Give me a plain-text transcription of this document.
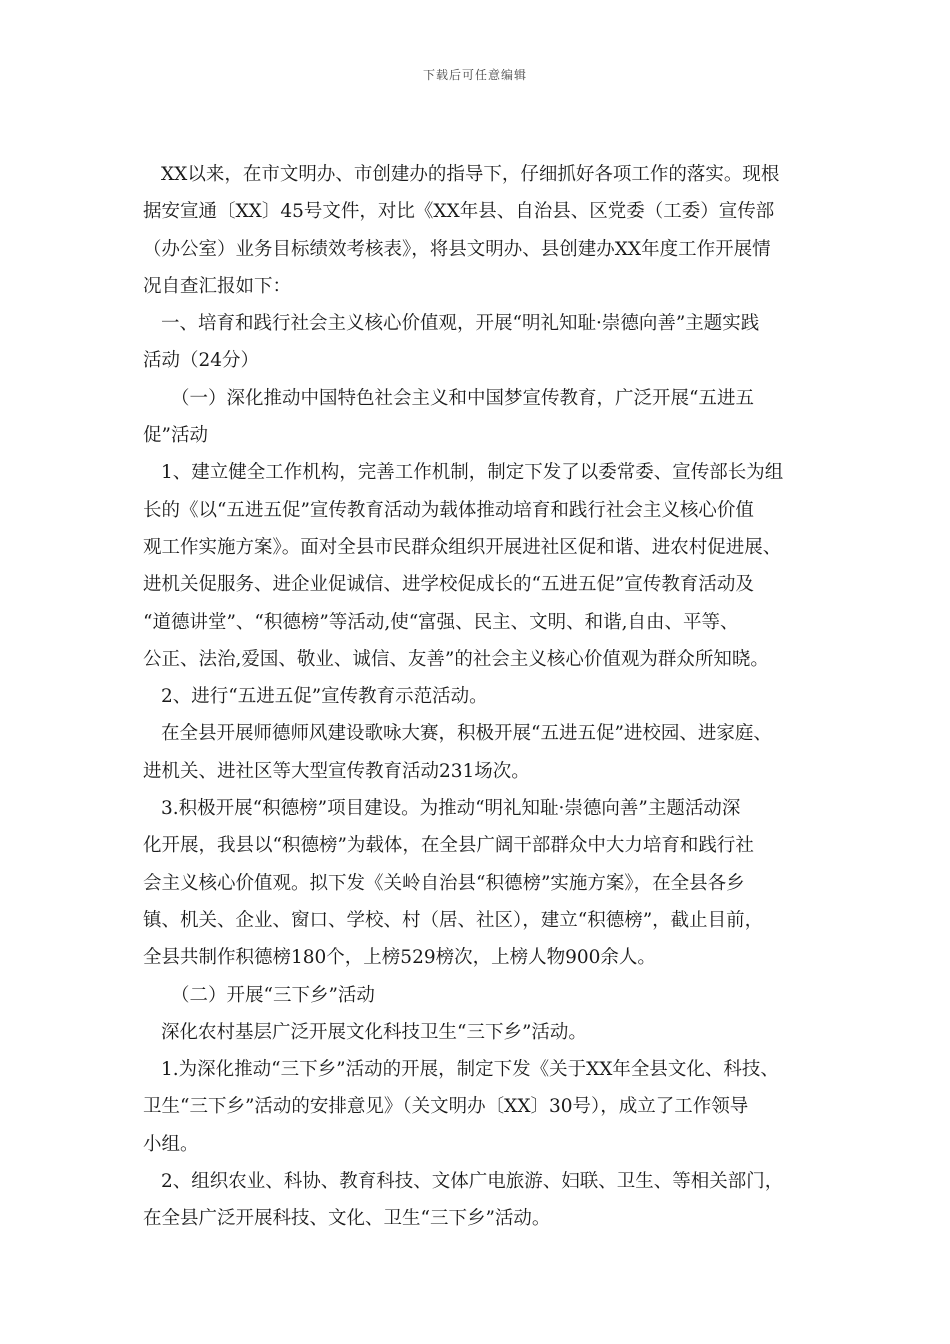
下载后可任意编辑
XX以来，在市文明办、市创建办的指导下，仔细抓好各项工作的落实。现根
据安宣通〔XX〕45号文件，对比《XX年县、自治县、区党委（工委）宣传部
（办公室）业务目标绩效考核表》，将县文明办、县创建办XX年度工作开展情
况自查汇报如下：
一、培育和践行社会主义核心价值观，开展“明礼知耻·崇德向善”主题实践
活动（24分）
（一）深化推动中国特色社会主义和中国梦宣传教育，广泛开展“五进五
促”活动
1、建立健全工作机构，完善工作机制，制定下发了以委常委、宣传部长为组
长的《以“五进五促”宣传教育活动为载体推动培育和践行社会主义核心价值
观工作实施方案》。面对全县市民群众组织开展进社区促和谐、进农村促进展、
进机关促服务、进企业促诚信、进学校促成长的“五进五促”宣传教育活动及
“道德讲堂”、“积德榜”等活动,使“富强、民主、文明、和谐,自由、平等、
公正、法治,爱国、敬业、诚信、友善”的社会主义核心价值观为群众所知晓。
2、进行“五进五促”宣传教育示范活动。
在全县开展师德师风建设歌咏大赛，积极开展“五进五促”进校园、进家庭、
进机关、进社区等大型宣传教育活动231场次。
3.积极开展“积德榜”项目建设。为推动“明礼知耻·崇德向善”主题活动深
化开展，我县以“积德榜”为载体，在全县广阔干部群众中大力培育和践行社
会主义核心价值观。拟下发《关岭自治县“积德榜”实施方案》，在全县各乡
镇、机关、企业、窗口、学校、村（居、社区），建立“积德榜”，截止目前，
全县共制作积德榜180个，上榜529榜次，上榜人物900余人。
（二）开展“三下乡”活动
深化农村基层广泛开展文化科技卫生“三下乡”活动。
1.为深化推动“三下乡”活动的开展，制定下发《关于XX年全县文化、科技、
卫生“三下乡”活动的安排意见》（关文明办〔XX〕30号），成立了工作领导
小组。
2、组织农业、科协、教育科技、文体广电旅游、妇联、卫生、等相关部门，
在全县广泛开展科技、文化、卫生“三下乡”活动。
